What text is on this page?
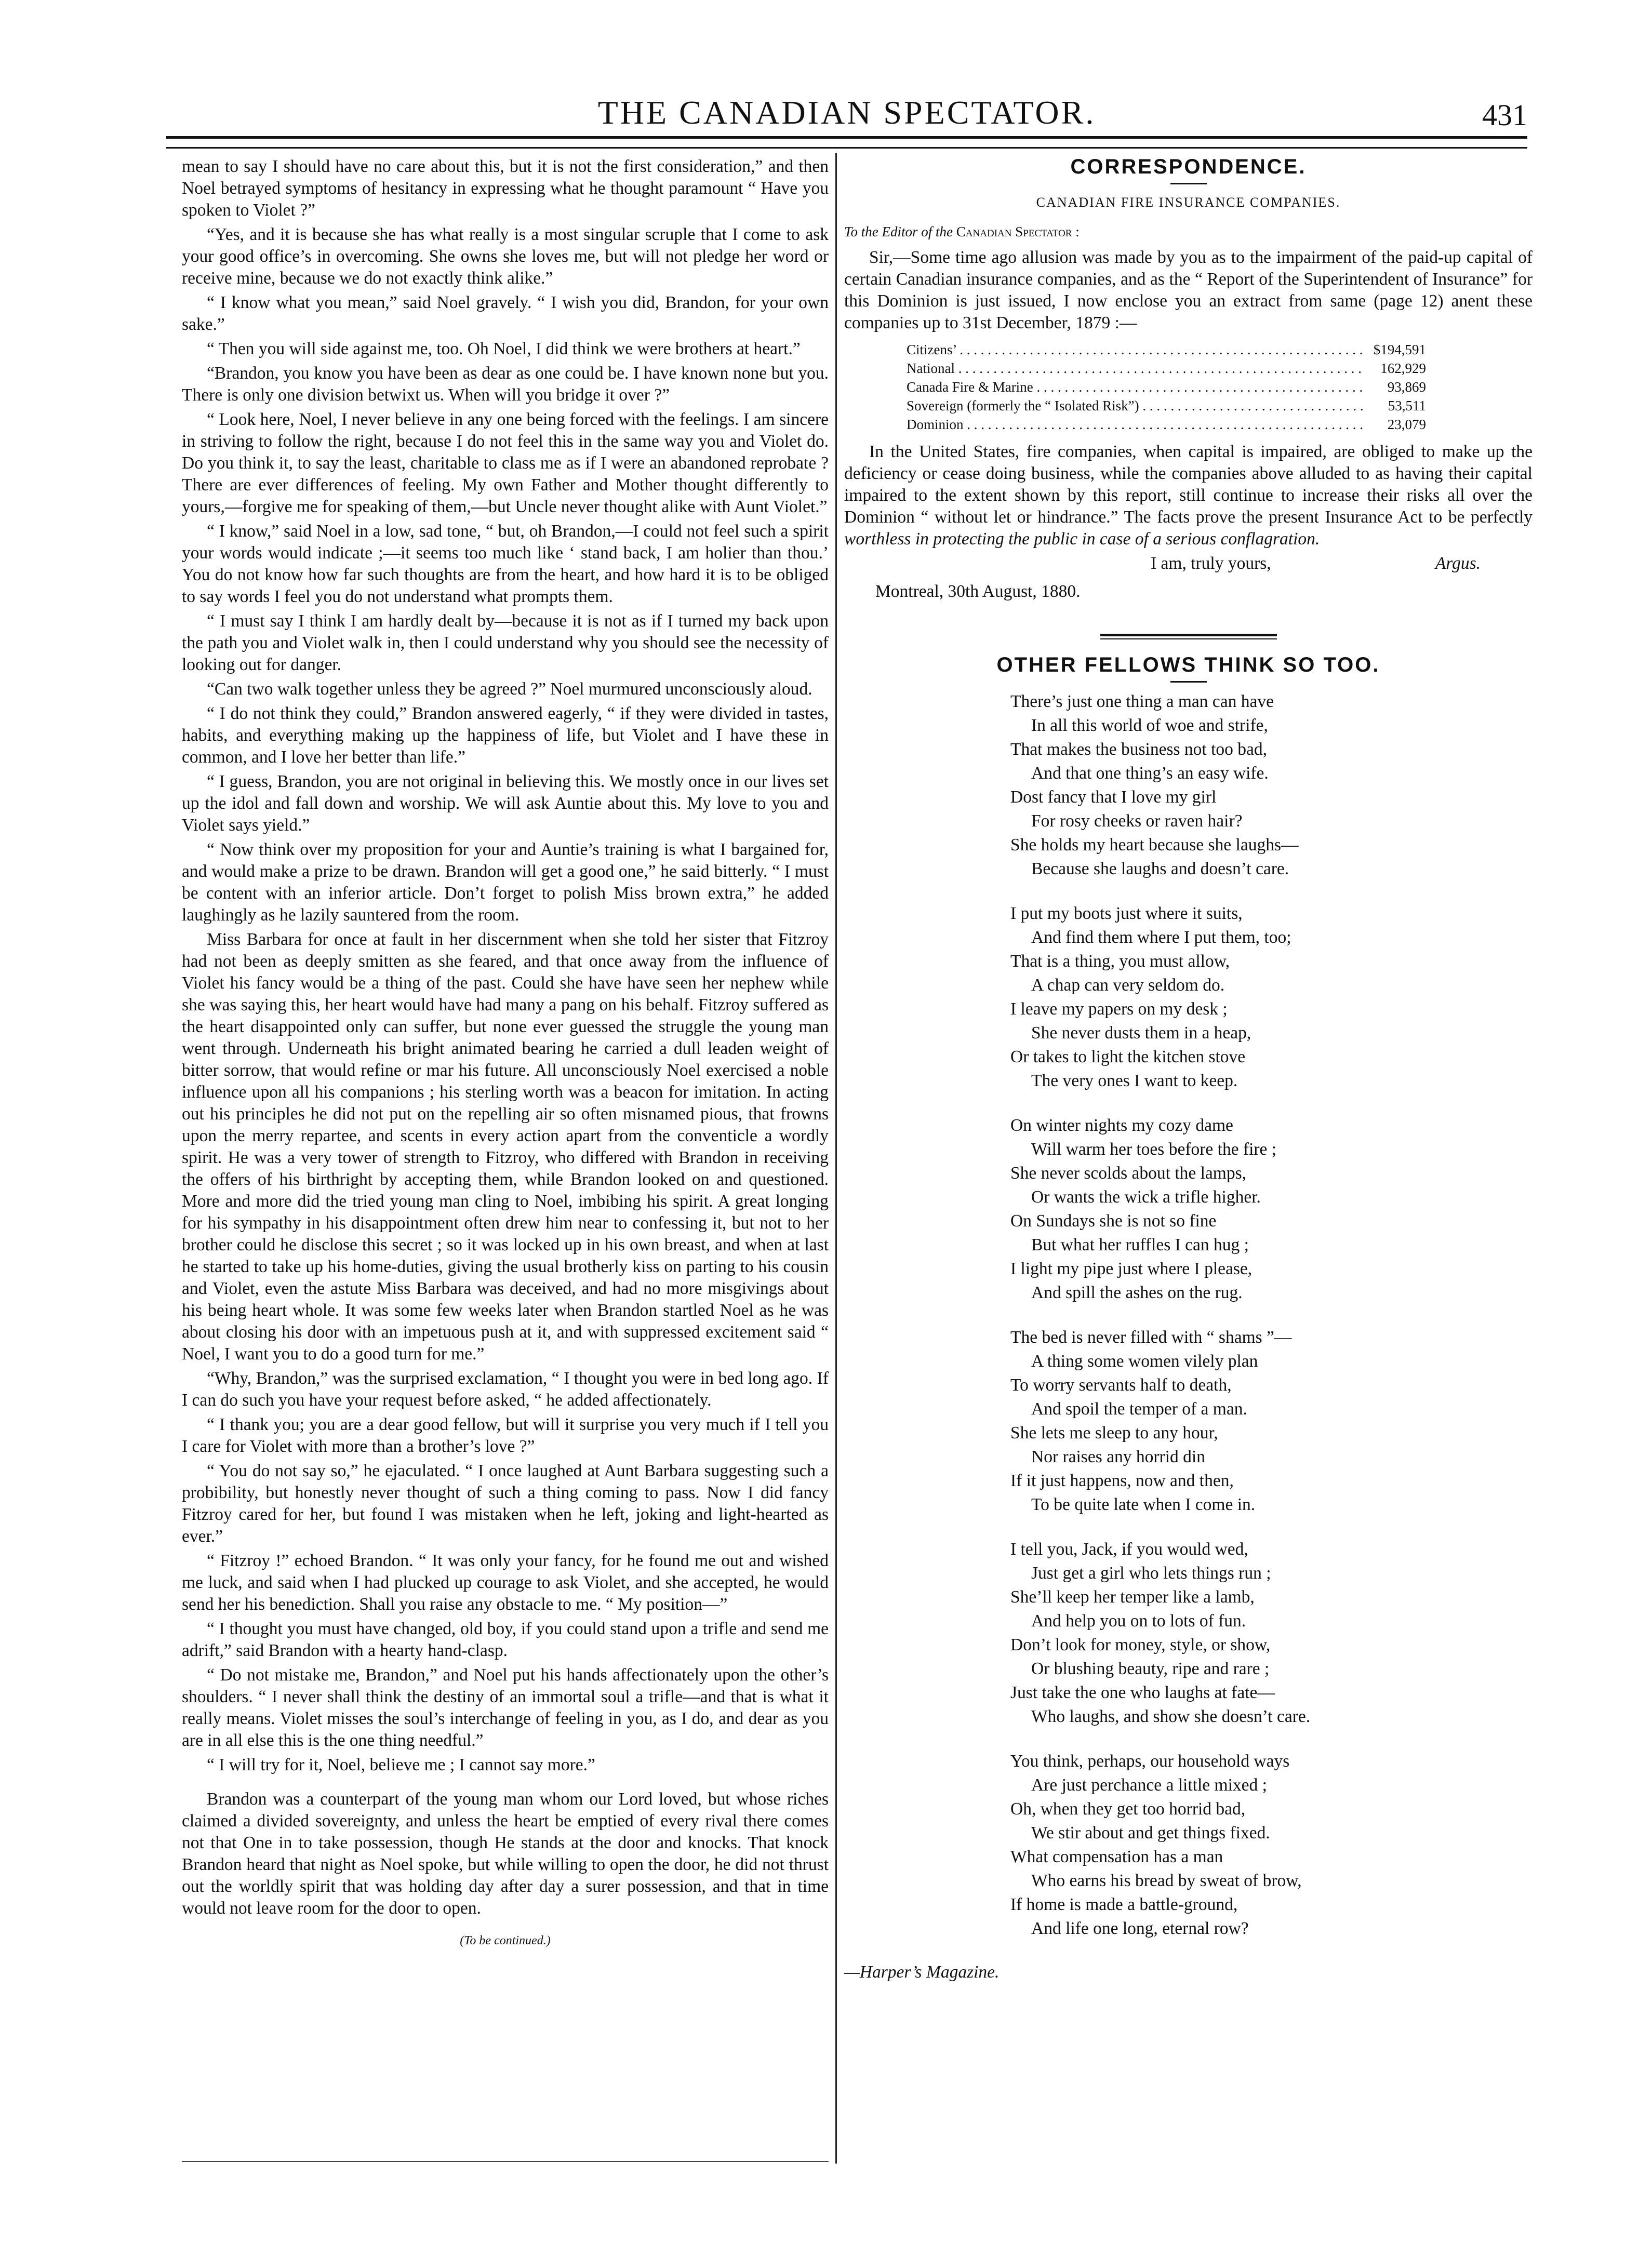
THE CANADIAN SPECTATOR.	431

mean to say I should have no care about this, but it is not the first consideration,” and then Noel betrayed symptoms of hesitancy in expressing what he thought paramount “ Have you spoken to Violet ?”

“Yes, and it is because she has what really is a most singular scruple that I come to ask your good office’s in overcoming. She owns she loves me, but will not pledge her word or receive mine, because we do not exactly think alike.”

“ I know what you mean,” said Noel gravely. “ I wish you did, Brandon, for your own sake.”

“ Then you will side against me, too. Oh Noel, I did think we were brothers at heart.”

“Brandon, you know you have been as dear as one could be. I have known none but you. There is only one division betwixt us. When will you bridge it over ?”

“ Look here, Noel, I never believe in any one being forced with the feelings. I am sincere in striving to follow the right, because I do not feel this in the same way you and Violet do. Do you think it, to say the least, charitable to class me as if I were an abandoned reprobate ? There are ever differences of feeling. My own Father and Mother thought differently to yours,—forgive me for speaking of them,—but Uncle never thought alike with Aunt Violet.”

“ I know,” said Noel in a low, sad tone, “ but, oh Brandon,—I could not feel such a spirit your words would indicate ;—it seems too much like ‘ stand back, I am holier than thou.’ You do not know how far such thoughts are from the heart, and how hard it is to be obliged to say words I feel you do not understand what prompts them.

“ I must say I think I am hardly dealt by—because it is not as if I turned my back upon the path you and Violet walk in, then I could understand why you should see the necessity of looking out for danger.

“Can two walk together unless they be agreed ?” Noel murmured unconsciously aloud.

“ I do not think they could,” Brandon answered eagerly, “ if they were divided in tastes, habits, and everything making up the happiness of life, but Violet and I have these in common, and I love her better than life.”

“ I guess, Brandon, you are not original in believing this. We mostly once in our lives set up the idol and fall down and worship. We will ask Auntie about this. My love to you and Violet says yield.”

“ Now think over my proposition for your and Auntie’s training is what I bargained for, and would make a prize to be drawn. Brandon will get a good one,” he said bitterly. “ I must be content with an inferior article. Don’t forget to polish Miss brown extra,” he added laughingly as he lazily sauntered from the room.

Miss Barbara for once at fault in her discernment when she told her sister that Fitzroy had not been as deeply smitten as she feared, and that once away from the influence of Violet his fancy would be a thing of the past. Could she have have seen her nephew while she was saying this, her heart would have had many a pang on his behalf. Fitzroy suffered as the heart disappointed only can suffer, but none ever guessed the struggle the young man went through. Underneath his bright animated bearing he carried a dull leaden weight of bitter sorrow, that would refine or mar his future. All unconsciously Noel exercised a noble influence upon all his companions ; his sterling worth was a beacon for imitation. In acting out his principles he did not put on the repelling air so often misnamed pious, that frowns upon the merry repartee, and scents in every action apart from the conventicle a wordly spirit. He was a very tower of strength to Fitzroy, who differed with Brandon in receiving the offers of his birthright by accepting them, while Brandon looked on and questioned. More and more did the tried young man cling to Noel, imbibing his spirit. A great longing for his sympathy in his disappointment often drew him near to confessing it, but not to her brother could he disclose this secret ; so it was locked up in his own breast, and when at last he started to take up his home-duties, giving the usual brotherly kiss on parting to his cousin and Violet, even the astute Miss Barbara was deceived, and had no more misgivings about his being heart whole. It was some few weeks later when Brandon startled Noel as he was about closing his door with an impetuous push at it, and with suppressed excitement said “ Noel, I want you to do a good turn for me.”

“Why, Brandon,” was the surprised exclamation, “ I thought you were in bed long ago. If I can do such you have your request before asked, “ he added affectionately.

“ I thank you; you are a dear good fellow, but will it surprise you very much if I tell you I care for Violet with more than a brother’s love ?”

“ You do not say so,” he ejaculated. “ I once laughed at Aunt Barbara suggesting such a probibility, but honestly never thought of such a thing coming to pass. Now I did fancy Fitzroy cared for her, but found I was mistaken when he left, joking and light-hearted as ever.”

“ Fitzroy !” echoed Brandon. “ It was only your fancy, for he found me out and wished me luck, and said when I had plucked up courage to ask Violet, and she accepted, he would send her his benediction. Shall you raise any obstacle to me. “ My position—”

“ I thought you must have changed, old boy, if you could stand upon a trifle and send me adrift,” said Brandon with a hearty hand-clasp.

“ Do not mistake me, Brandon,” and Noel put his hands affectionately upon the other’s shoulders. “ I never shall think the destiny of an immortal soul a trifle—and that is what it really means. Violet misses the soul’s interchange of feeling in you, as I do, and dear as you are in all else this is the one thing needful.”

“ I will try for it, Noel, believe me ; I cannot say more.”

Brandon was a counterpart of the young man whom our Lord loved, but whose riches claimed a divided sovereignty, and unless the heart be emptied of every rival there comes not that One in to take possession, though He stands at the door and knocks. That knock Brandon heard that night as Noel spoke, but while willing to open the door, he did not thrust out the worldly spirit that was holding day after day a surer possession, and that in time would not leave room for the door to open.

(To be continued.)
CORRESPONDENCE.
CANADIAN FIRE INSURANCE COMPANIES.
To the Editor of the Canadian Spectator :

Sir,—Some time ago allusion was made by you as to the impairment of the paid-up capital of certain Canadian insurance companies, and as the “ Report of the Superintendent of Insurance” for this Dominion is just issued, I now enclose you an extract from same (page 12) anent these companies up to 31st December, 1879 :—

Citizens’ . . .	$194,591
National . . .	162,929
Canada Fire & Marine . . .	93,869
Sovereign (formerly the “ Isolated Risk”) . . .	53,511
Dominion . . .	23,079

In the United States, fire companies, when capital is impaired, are obliged to make up the deficiency or cease doing business, while the companies above alluded to as having their capital impaired to the extent shown by this report, still continue to increase their risks all over the Dominion “ without let or hindrance.” The facts prove the present Insurance Act to be perfectly worthless in protecting the public in case of a serious conflagration.

I am, truly yours,	Argus.
Montreal, 30th August, 1880.
OTHER FELLOWS THINK SO TOO.
There’s just one thing a man can have
In all this world of woe and strife,
That makes the business not too bad,
And that one thing’s an easy wife.
Dost fancy that I love my girl
For rosy cheeks or raven hair?
She holds my heart because she laughs—
Because she laughs and doesn’t care.
I put my boots just where it suits,
And find them where I put them, too;
That is a thing, you must allow,
A chap can very seldom do.
I leave my papers on my desk ;
She never dusts them in a heap,
Or takes to light the kitchen stove
The very ones I want to keep.
On winter nights my cozy dame
Will warm her toes before the fire ;
She never scolds about the lamps,
Or wants the wick a trifle higher.
On Sundays she is not so fine
But what her ruffles I can hug ;
I light my pipe just where I please,
And spill the ashes on the rug.
The bed is never filled with “ shams ”—
A thing some women vilely plan
To worry servants half to death,
And spoil the temper of a man.
She lets me sleep to any hour,
Nor raises any horrid din
If it just happens, now and then,
To be quite late when I come in.
I tell you, Jack, if you would wed,
Just get a girl who lets things run ;
She’ll keep her temper like a lamb,
And help you on to lots of fun.
Don’t look for money, style, or show,
Or blushing beauty, ripe and rare ;
Just take the one who laughs at fate—
Who laughs, and show she doesn’t care.
You think, perhaps, our household ways
Are just perchance a little mixed ;
Oh, when they get too horrid bad,
We stir about and get things fixed.
What compensation has a man
Who earns his bread by sweat of brow,
If home is made a battle-ground,
And life one long, eternal row?
—Harper’s Magazine.
